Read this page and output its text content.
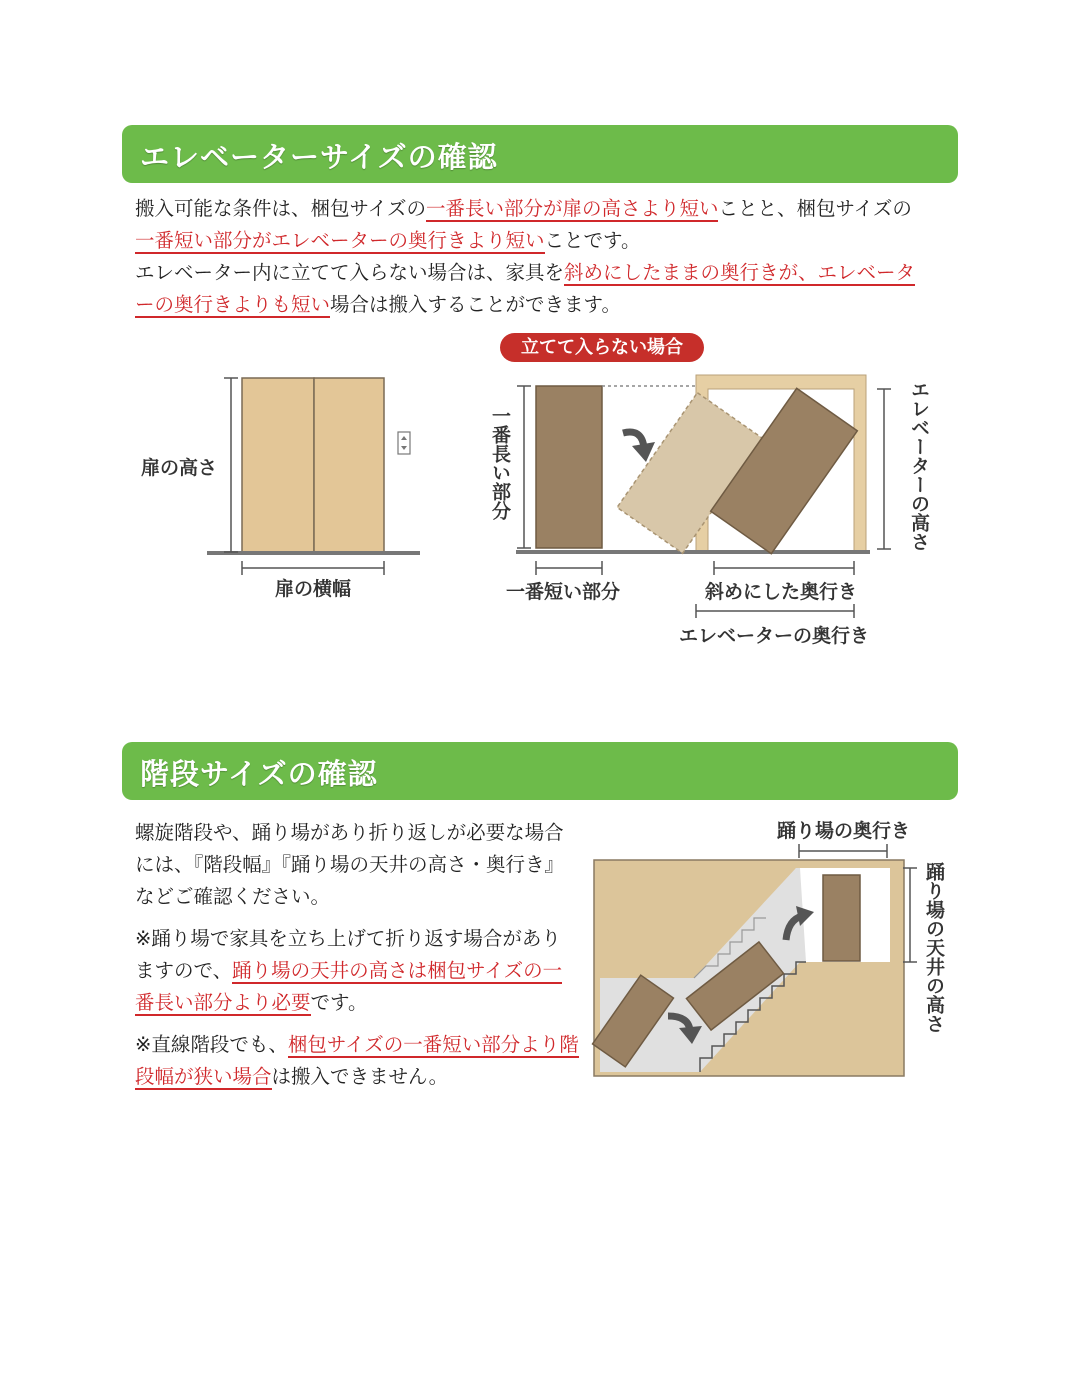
エレベーターサイズの確認

搬入可能な条件は、梱包サイズの一番長い部分が扉の高さより短いことと、梱包サイズの一番短い部分がエレベーターの奥行きより短いことです。

エレベーター内に立てて入らない場合は、家具を斜めにしたままの奥行きが、エレベーターの奥行きよりも短い場合は搬入することができます。

立てて入らない場合
扉の高さ
扉の横幅
一番長い部分
一番短い部分	斜めにした奥行き
エレベーターの奥行き
エレベーターの高さ
階段サイズの確認

螺旋階段や、踊り場があり折り返しが必要な場合には、『階段幅』『踊り場の天井の高さ・奥行き』などご確認ください。

※踊り場で家具を立ち上げて折り返す場合がありますので、踊り場の天井の高さは梱包サイズの一番長い部分より必要です。

※直線階段でも、梱包サイズの一番短い部分より階段幅が狭い場合は搬入できません。

踊り場の奥行き
踊り場の天井の高さ
